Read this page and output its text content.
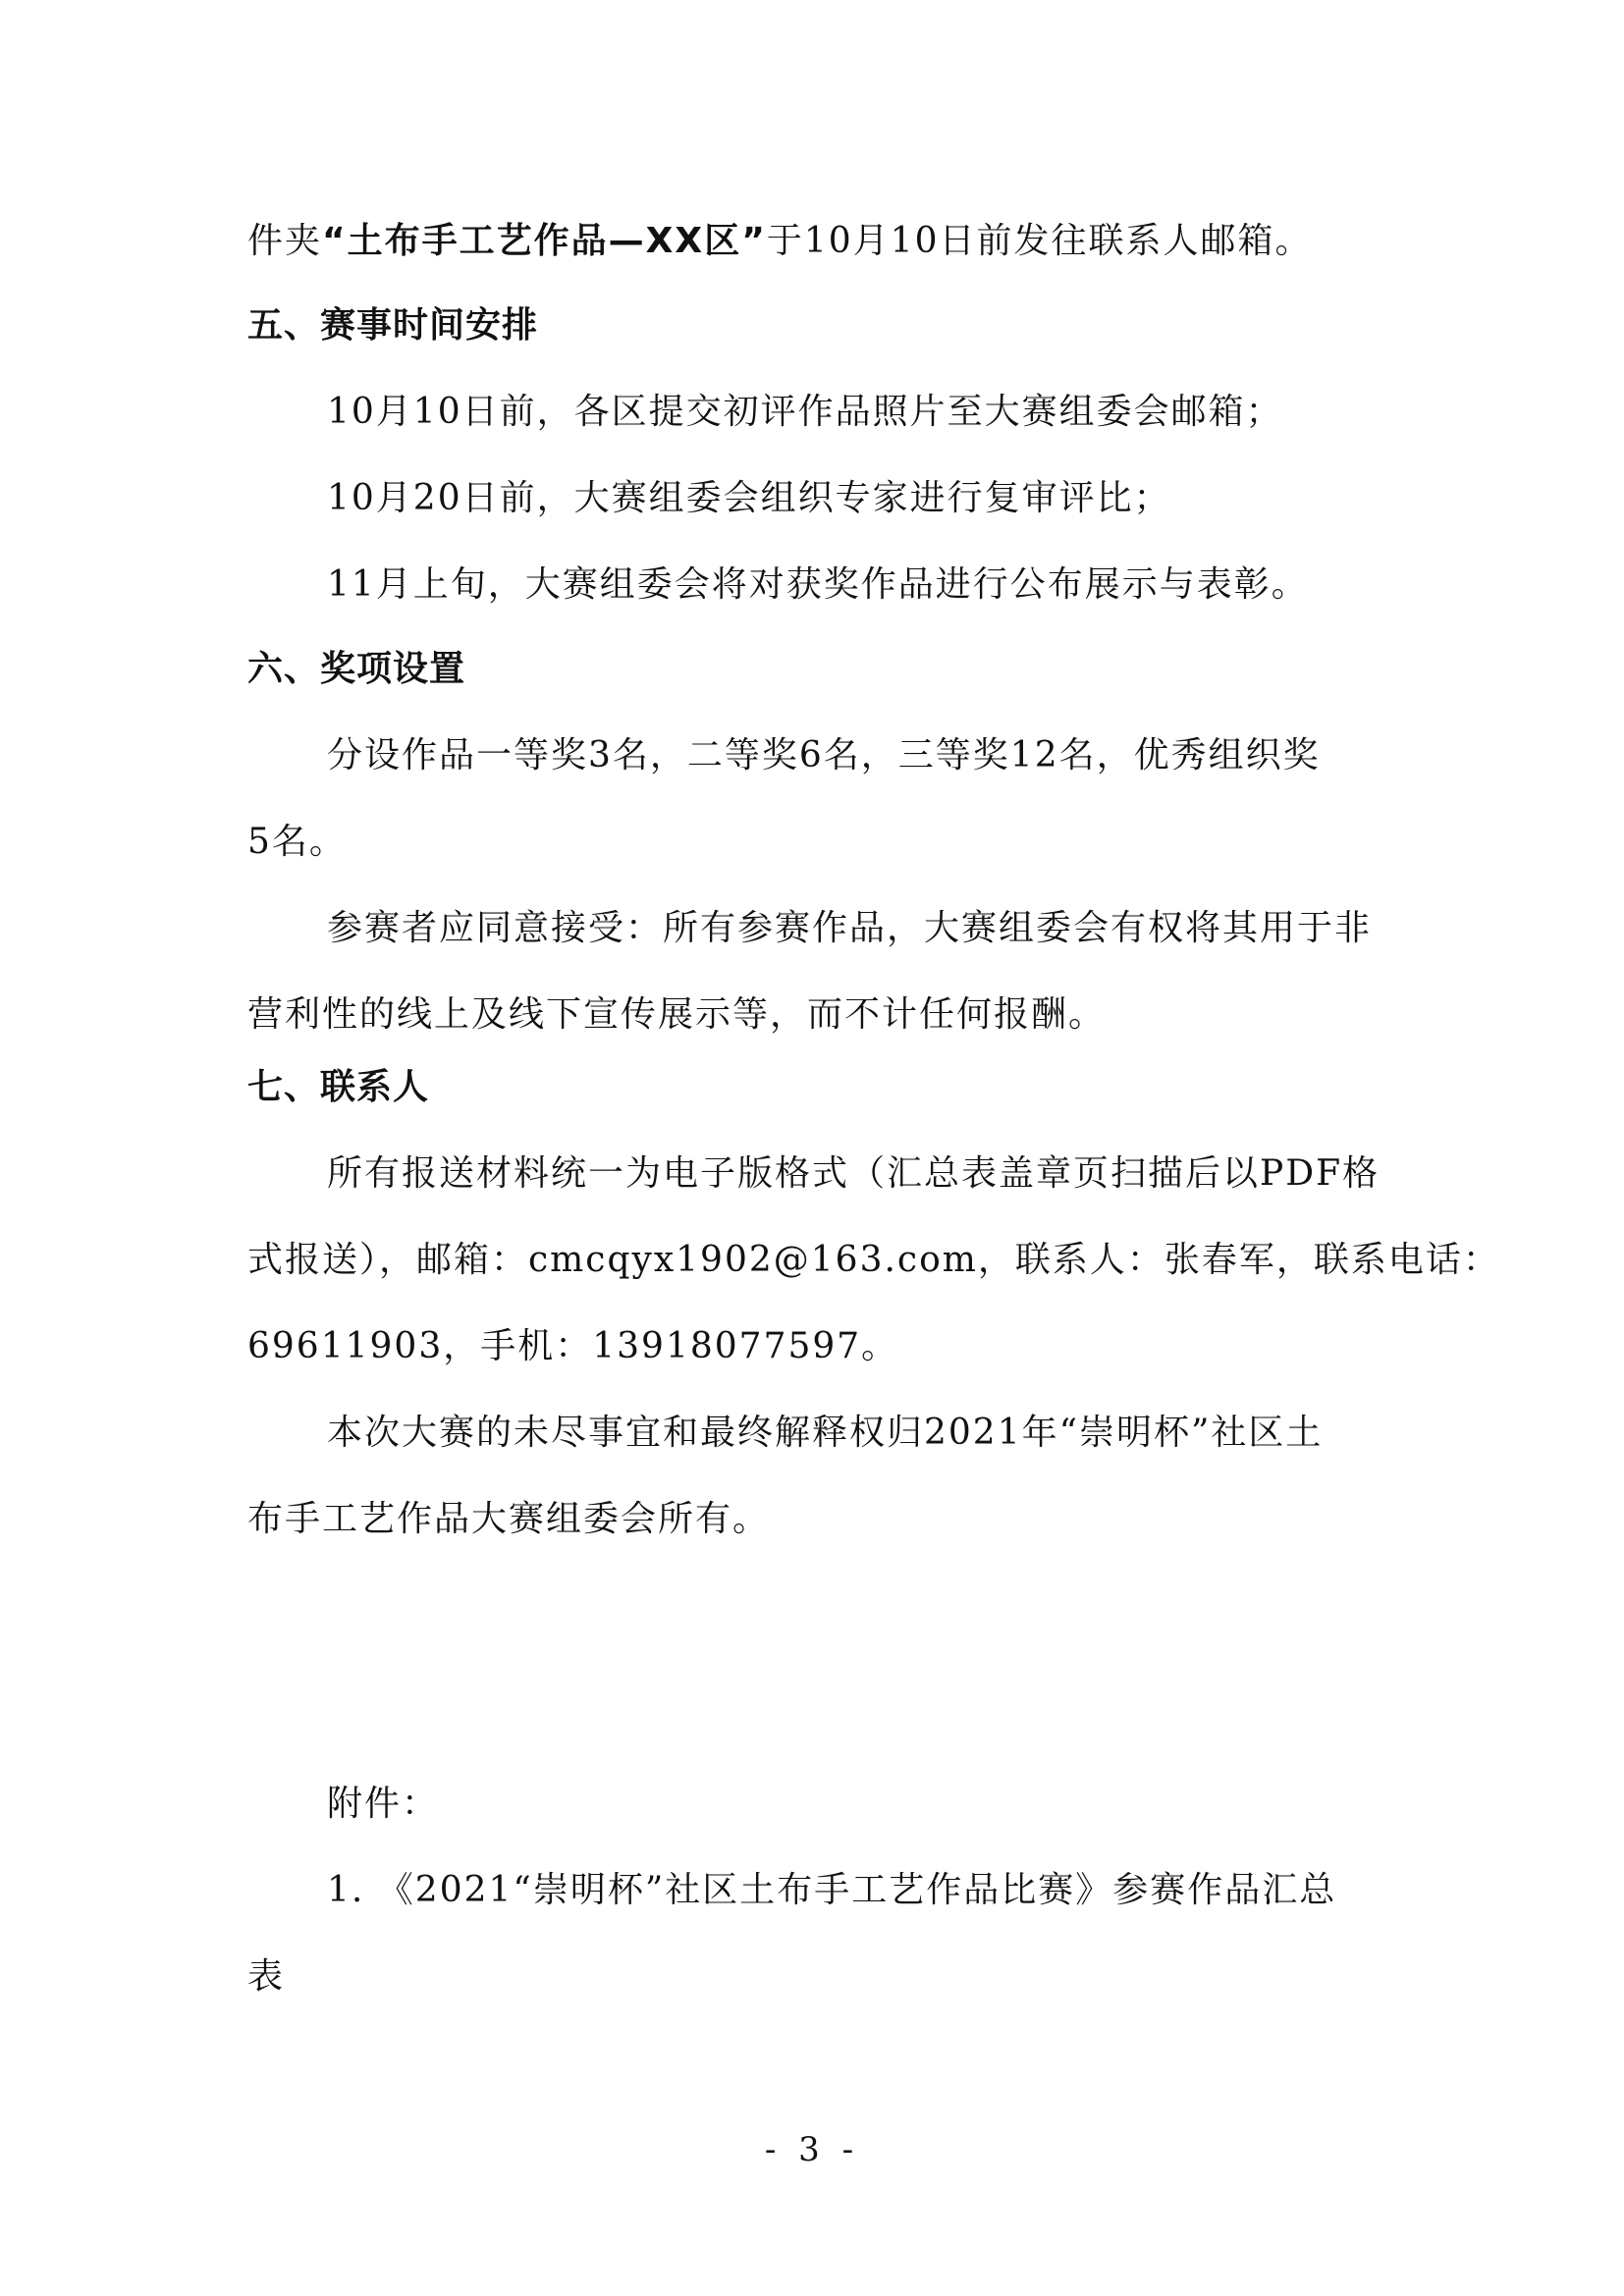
件夹“土布手工艺作品—XX区”于10月10日前发往联系人邮箱。
五、赛事时间安排
10月10日前，各区提交初评作品照片至大赛组委会邮箱；
10月20日前，大赛组委会组织专家进行复审评比；
11月上旬，大赛组委会将对获奖作品进行公布展示与表彰。
六、奖项设置
分设作品一等奖3名，二等奖6名，三等奖12名，优秀组织奖
5名。
参赛者应同意接受：所有参赛作品，大赛组委会有权将其用于非
营利性的线上及线下宣传展示等，而不计任何报酬。
七、联系人
所有报送材料统一为电子版格式（汇总表盖章页扫描后以PDF格
式报送），邮箱：cmcqyx1902@163.com，联系人：张春军，联系电话：
69611903，手机：13918077597。
本次大赛的未尽事宜和最终解释权归2021年“崇明杯”社区土
布手工艺作品大赛组委会所有。
附件：
1. 《2021“崇明杯”社区土布手工艺作品比赛》参赛作品汇总
表
- 3 -
